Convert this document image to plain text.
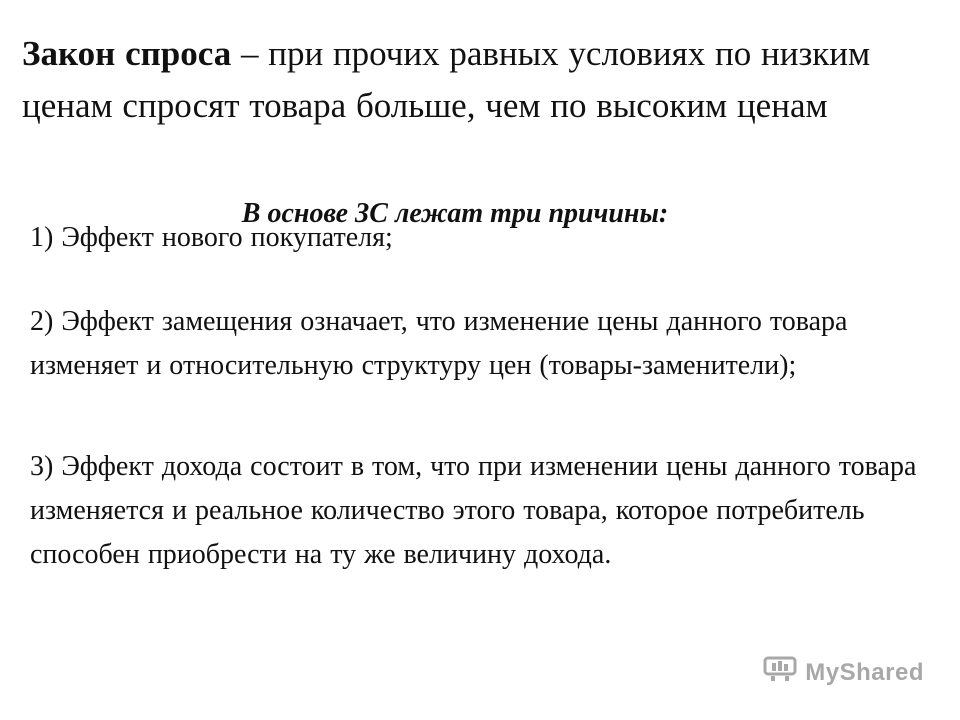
Закон спроса – при прочих равных условиях по низким ценам спросят товара больше, чем по высоким ценам

В основе ЗС лежат три причины:

1) Эффект нового покупателя;

2) Эффект замещения означает, что изменение цены данного товара изменяет и относительную структуру цен (товары-заменители);

3) Эффект дохода состоит в том, что при изменении цены данного товара изменяется и реальное количество этого товара, которое потребитель способен приобрести на ту же величину дохода.

MyShared
